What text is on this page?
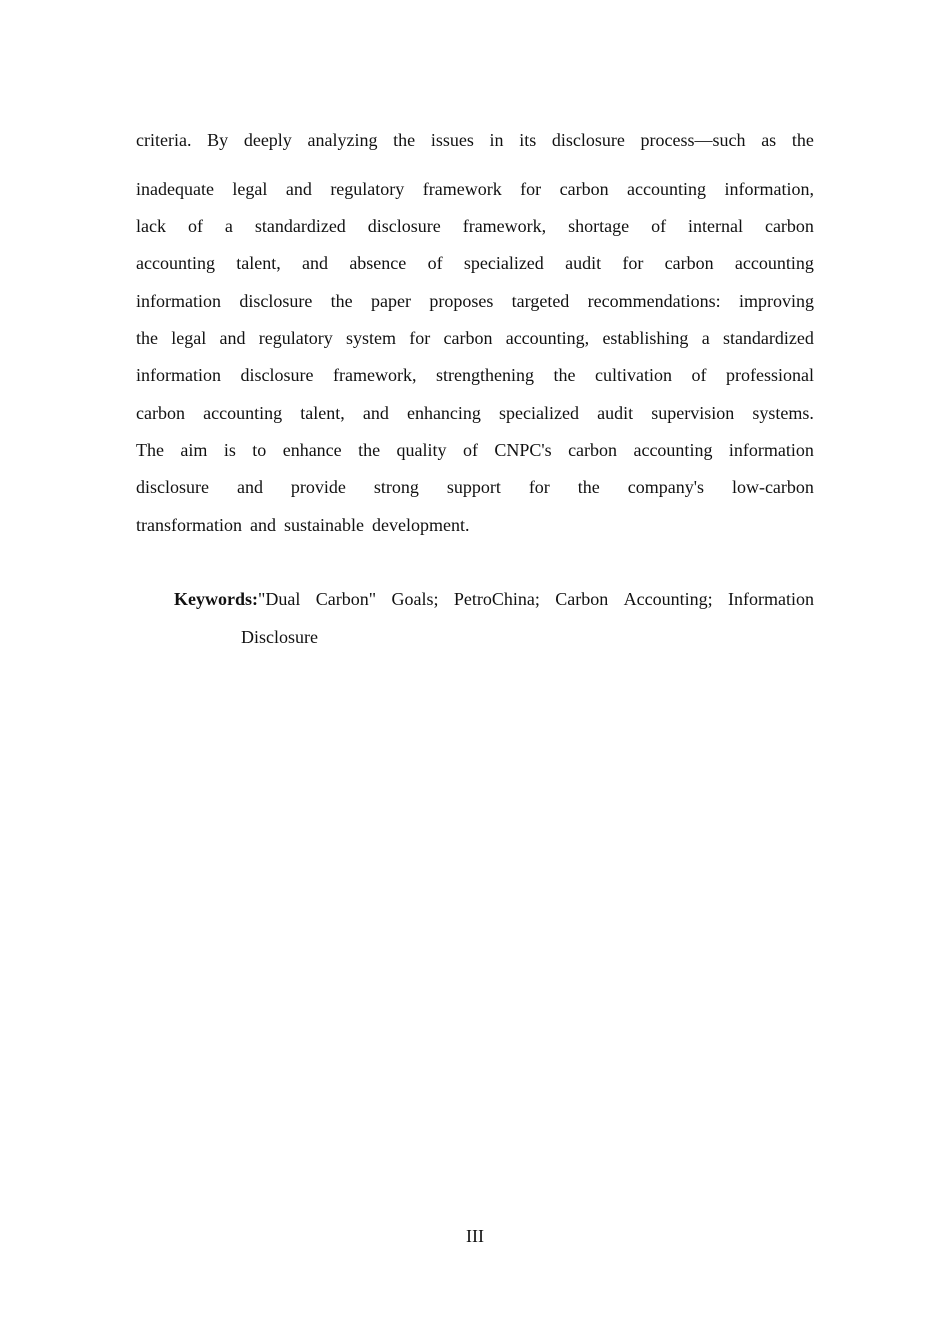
criteria. By deeply analyzing the issues in its disclosure process—such as the
inadequate legal and regulatory framework for carbon accounting information,
lack of a standardized disclosure framework, shortage of internal carbon
accounting talent, and absence of specialized audit for carbon accounting
information disclosure the paper proposes targeted recommendations: improving
the legal and regulatory system for carbon accounting, establishing a standardized
information disclosure framework, strengthening the cultivation of professional
carbon accounting talent, and enhancing specialized audit supervision systems.
The aim is to enhance the quality of CNPC's carbon accounting information
disclosure and provide strong support for the company's low-carbon
transformation and sustainable development.
Keywords: "Dual Carbon" Goals; PetroChina; Carbon Accounting; Information
Disclosure
III
